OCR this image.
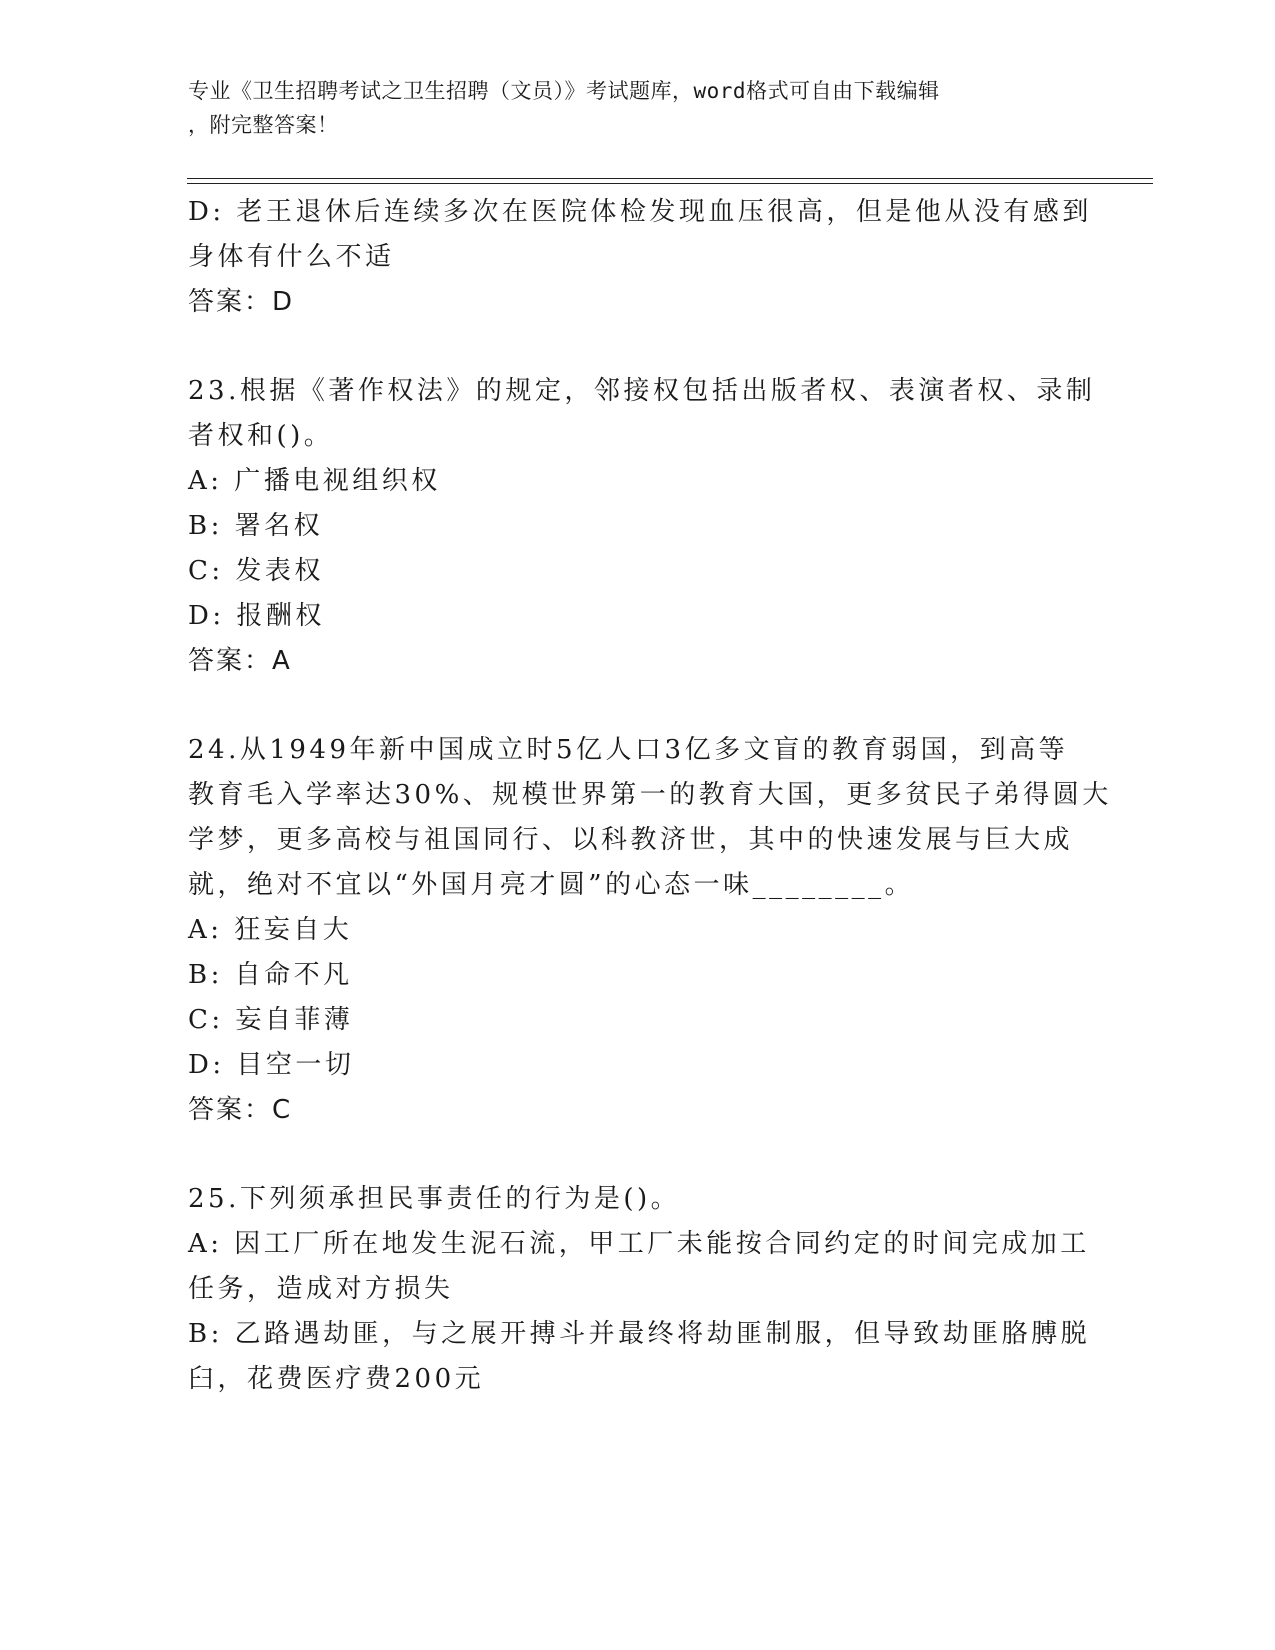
专业《卫生招聘考试之卫生招聘（文员）》考试题库，word格式可自由下载编辑
，附完整答案！
D: 老王退休后连续多次在医院体检发现血压很高，但是他从没有感到
身体有什么不适
答案：D
23.根据《著作权法》的规定，邻接权包括出版者权、表演者权、录制
者权和()。
A: 广播电视组织权
B: 署名权
C: 发表权
D: 报酬权
答案：A
24.从1949年新中国成立时5亿人口3亿多文盲的教育弱国，到高等
教育毛入学率达30%、规模世界第一的教育大国，更多贫民子弟得圆大
学梦，更多高校与祖国同行、以科教济世，其中的快速发展与巨大成
就，绝对不宜以“外国月亮才圆”的心态一味________。
A: 狂妄自大
B: 自命不凡
C: 妄自菲薄
D: 目空一切
答案：C
25.下列须承担民事责任的行为是()。
A: 因工厂所在地发生泥石流，甲工厂未能按合同约定的时间完成加工
任务，造成对方损失
B: 乙路遇劫匪，与之展开搏斗并最终将劫匪制服，但导致劫匪胳膊脱
臼，花费医疗费200元
